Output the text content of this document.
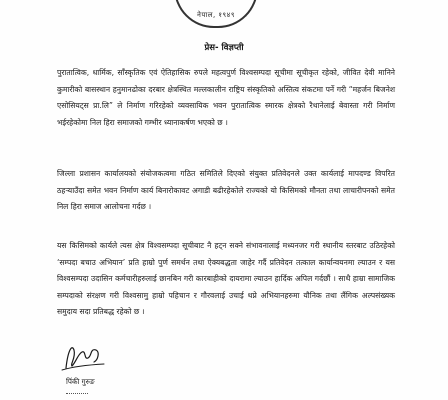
नेपाल, १९४९
प्रेस- विज्ञप्ती

पुरातात्विक, धार्मिक, साँस्कृतिक एवं ऐतिहासिक रुपले महत्वपुर्ण विश्वसम्पदा सूचीमा सूचीकृत रहेको, जीवित देवी मानिने कुमारीको बासस्थान हनुमानढोका दरबार क्षेत्रस्थित मल्लकालीन राष्ट्रिय संस्कृतिको अस्तित्व संकटमा पर्ने गरी “महर्जन बिजनेश एसोसियट्स प्रा.लि” ले निर्माण गरिरहेको व्यवसायिक भवन पुरातात्विक स्मारक क्षेत्रको रैथानेलाई बेवास्ता गरी निर्माण भईरहेकोमा निल हिरा समाजको गम्भीर ध्यानाकर्षण भएको छ ।

जिल्ला प्रशासन कार्यालयको संयोजकत्वमा गठित समितिले दिएको संयुक्त प्रतिवेदनले उक्त कार्यलाई मापदण्ड विपरित ठहऱ्याउँदा समेत भवन निर्माण कार्य बिनारोकावट अगाडी बढीरहेकोले राज्यको यो किसिमको मौनता तथा लाचारीपनको समेत निल हिरा समाज आलोचना गर्दछ ।

यस किसिमको कार्यले त्यस क्षेत्र विश्वसम्पदा सूचीबाट नै हट्न सक्ने संभावनालाई मध्यनजर गरी स्थानीय स्तरबाट उठिरहेको ‘सम्पदा बचाउ अभियान’ प्रति हाम्रो पुर्ण समर्थन तथा ऐक्यबद्धता जाहेर गर्दै प्रतिवेदन तत्काल कार्यान्वयनमा ल्याउन र यस विश्वसम्पदा उदासिन कर्मचारीहरुलाई छानबिन गरी कारबाहीको दायरामा ल्याउन हार्दिक अपिल गर्दछौं । साथै हाम्रा सामाजिक सम्पदाको संरक्षण गरी विश्वसामु हाम्रो पहिचान र गौरवलाई उचाई थप्ने अभियानहरुमा यौनिक तथा लैंगिक अल्पसंख्यक समुदाय सदा प्रतिबद्ध रहेको छ ।

पिंकी गुरुङ
